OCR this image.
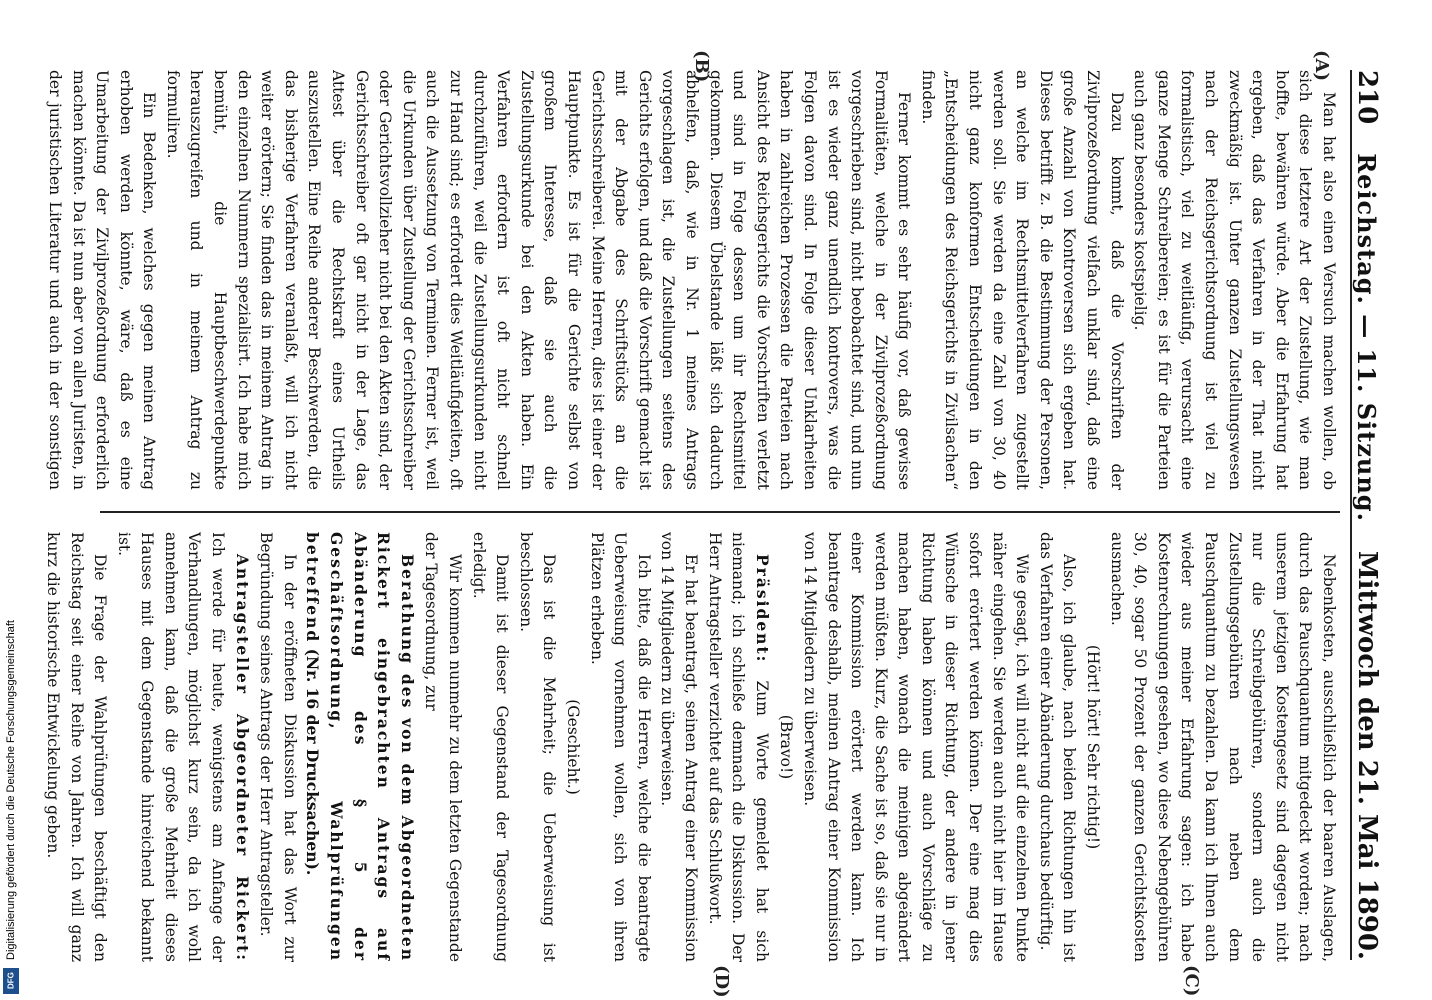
210
Reichstag. — 11. Sitzung.
Mittwoch den 21. Mai 1890.
(A)
(B)
(C)
(D)

Man hat also einen Versuch machen wollen, ob sich diese letztere Art der Zustellung, wie man hoffte, bewähren würde. Aber die Erfahrung hat ergeben, daß das Verfahren in der That nicht zweckmäßig ist. Unter ganzen Zustellungswesen nach der Reichsgerichtsordnung ist viel zu formalistisch, viel zu weitläufig, verursacht eine ganze Menge Schreibereien; es ist für die Parteien auch ganz besonders kostspielig.

Dazu kommt, daß die Vorschriften der Zivilprozeßordnung vielfach unklar sind, daß eine große Anzahl von Kontroversen sich ergeben hat. Dieses betrifft z. B. die Bestimmung der Personen, an welche im Rechtsmittelverfahren zugestellt werden soll. Sie werden da eine Zahl von 30, 40 nicht ganz konformen Entscheidungen in den „Entscheidungen des Reichsgerichts in Zivilsachen“ finden.

Ferner kommt es sehr häufig vor, daß gewisse Formalitäten, welche in der Zivilprozeßordnung vorgeschrieben sind, nicht beobachtet sind, und nun ist es wieder ganz unendlich kontrovers, was die Folgen davon sind. In Folge dieser Unklarheiten haben in zahlreichen Prozessen die Parteien nach Ansicht des Reichsgerichts die Vorschriften verletzt und sind in Folge dessen um ihr Rechtsmittel gekommen. Diesem Übelstande läßt sich dadurch abhelfen, daß, wie in Nr. 1 meines Antrags vorgeschlagen ist, die Zustellungen seitens des Gerichts erfolgen, und daß die Vorschrift gemacht ist mit der Abgabe des Schriftstücks an die Gerichtsschreiberei. Meine Herren, dies ist einer der Hauptpunkte. Es ist für die Gerichte selbst von großem Interesse, daß sie auch die Zustellungsurkunde bei den Akten haben. Ein Verfahren erfordern ist oft nicht schnell durchzuführen, weil die Zustellungsurkunden nicht zur Hand sind; es erfordert dies Weitläufigkeiten, oft auch die Aussetzung von Terminen. Ferner ist, weil die Urkunden über Zustellung der Gerichtsschreiber oder Gerichtsvollzieher nicht bei den Akten sind, der Gerichtsschreiber oft gar nicht in der Lage, das Attest über die Rechtskraft eines Urtheils auszustellen. Eine Reihe anderer Beschwerden, die das bisherige Verfahren veranlaßt, will ich nicht weiter erörtern; Sie finden das in meinem Antrag in den einzelnen Nummern spezialisirt. Ich habe mich bemüht, die Hauptbeschwerdepunkte herauszugreifen und in meinem Antrag zu formuliren.

Ein Bedenken, welches gegen meinen Antrag erhoben werden könnte, wäre, daß es eine Umarbeitung der Zivilprozeßordnung erforderlich machen könnte. Da ist nun aber von allen Juristen, in der juristischen Literatur und auch in der sonstigen

Nebenkosten, ausschließlich der baaren Auslagen, durch das Pauschquantum mitgedeckt worden; nach unserem jetzigen Kostengesetz sind dagegen nicht nur die Schreibgebühren, sondern auch die Zustellungsgebühren nach neben dem Pauschquantum zu bezahlen. Da kann ich Ihnen auch wieder aus meiner Erfahrung sagen: ich habe Kostenrechnungen gesehen, wo diese Nebengebühren 30, 40, sogar 50 Prozent der ganzen Gerichtskosten ausmachen.

(Hört! hört! Sehr richtig!)

Also, ich glaube, nach beiden Richtungen hin ist das Verfahren einer Abänderung durchaus bedürftig.

Wie gesagt, ich will nicht auf die einzelnen Punkte näher eingehen. Sie werden auch nicht hier im Hause sofort erörtert werden können. Der eine mag dies Wünsche in dieser Richtung, der andere in jener Richtung haben können und auch Vorschläge zu machen haben, wonach die meinigen abgeändert werden müßten. Kurz, die Sache ist so, daß sie nur in einer Kommission erörtert werden kann. Ich beantrage deshalb, meinen Antrag einer Kommission von 14 Mitgliedern zu überweisen.

(Bravo!)

Präsident: Zum Worte gemeldet hat sich niemand; ich schließe demnach die Diskussion. Der Herr Antragsteller verzichtet auf das Schlußwort.

Er hat beantragt, seinen Antrag einer Kommission von 14 Mitgliedern zu überweisen.

Ich bitte, daß die Herren, welche die beantragte Ueberweisung vornehmen wollen, sich von ihren Plätzen erheben.

(Geschieht.)

Das ist die Mehrheit; die Ueberweisung ist beschlossen.

Damit ist dieser Gegenstand der Tagesordnung erledigt.

Wir kommen nunmehr zu dem letzten Gegenstande der Tagesordnung, zur

Berathung des von dem Abgeordneten Rickert eingebrachten Antrags auf Abänderung des § 5 der Geschäftsordnung, Wahlprüfungen betreffend (Nr. 16 der Drucksachen).

In der eröffneten Diskussion hat das Wort zur Begründung seines Antrags der Herr Antragsteller.

Antragsteller Abgeordneter Rickert: Ich werde für heute, wenigstens am Anfange der Verhandlungen, möglichst kurz sein, da ich wohl annehmen kann, daß die große Mehrheit dieses Hauses mit dem Gegenstande hinreichend bekannt ist.

Die Frage der Wahlprüfungen beschäftigt den Reichstag seit einer Reihe von Jahren. Ich will ganz kurz die historische Entwickelung geben.

Digitalisierung gefördert durch die Deutsche Forschungsgemeinschaft
DFG
